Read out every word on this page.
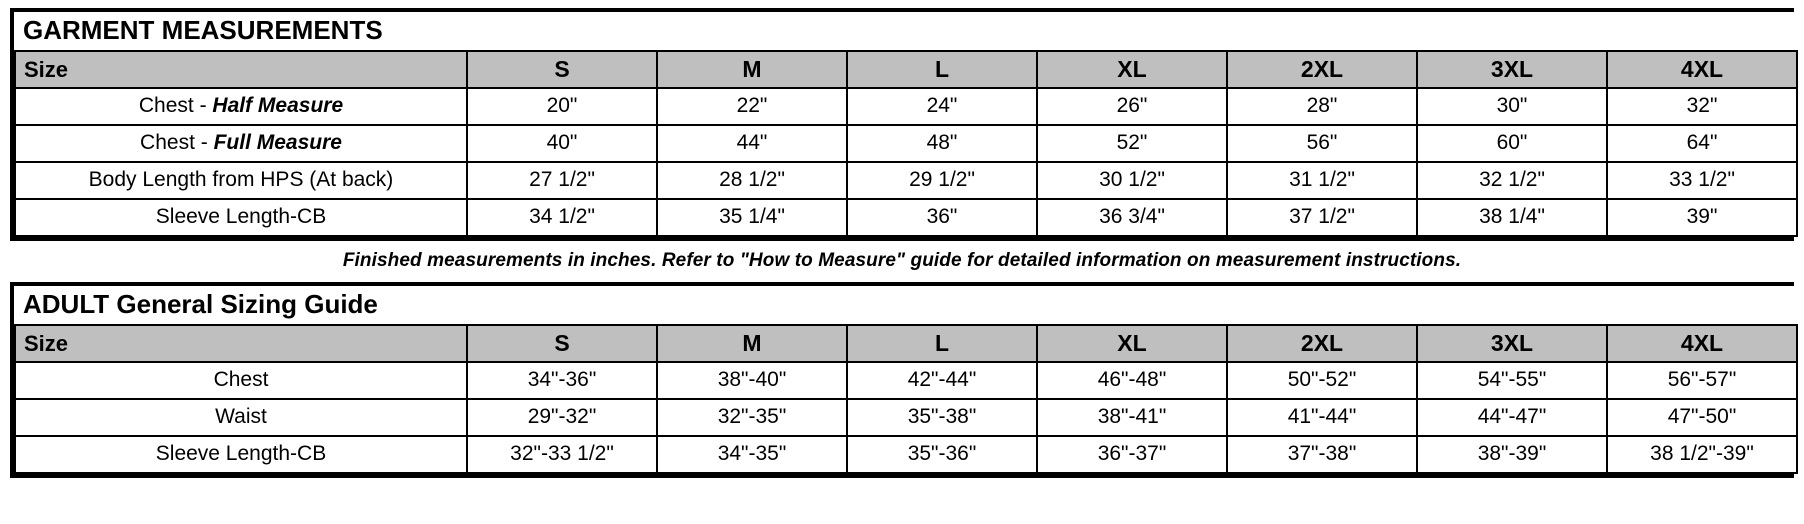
GARMENT MEASUREMENTS							
Size	S	M	L	XL	2XL	3XL	4XL
Chest - Half Measure	20"	22"	24"	26"	28"	30"	32"
Chest - Full Measure	40"	44"	48"	52"	56"	60"	64"
Body Length from HPS (At back)	27 1/2"	28 1/2"	29 1/2"	30 1/2"	31 1/2"	32 1/2"	33 1/2"
Sleeve Length-CB	34 1/2"	35 1/4"	36"	36 3/4"	37 1/2"	38 1/4"	39"
Finished measurements in inches. Refer to "How to Measure" guide for detailed information on measurement instructions.
ADULT General Sizing Guide							
Size	S	M	L	XL	2XL	3XL	4XL
Chest	34"-36"	38"-40"	42"-44"	46"-48"	50"-52"	54"-55"	56"-57"
Waist	29"-32"	32"-35"	35"-38"	38"-41"	41"-44"	44"-47"	47"-50"
Sleeve Length-CB	32"-33 1/2"	34"-35"	35"-36"	36"-37"	37"-38"	38"-39"	38 1/2"-39"
